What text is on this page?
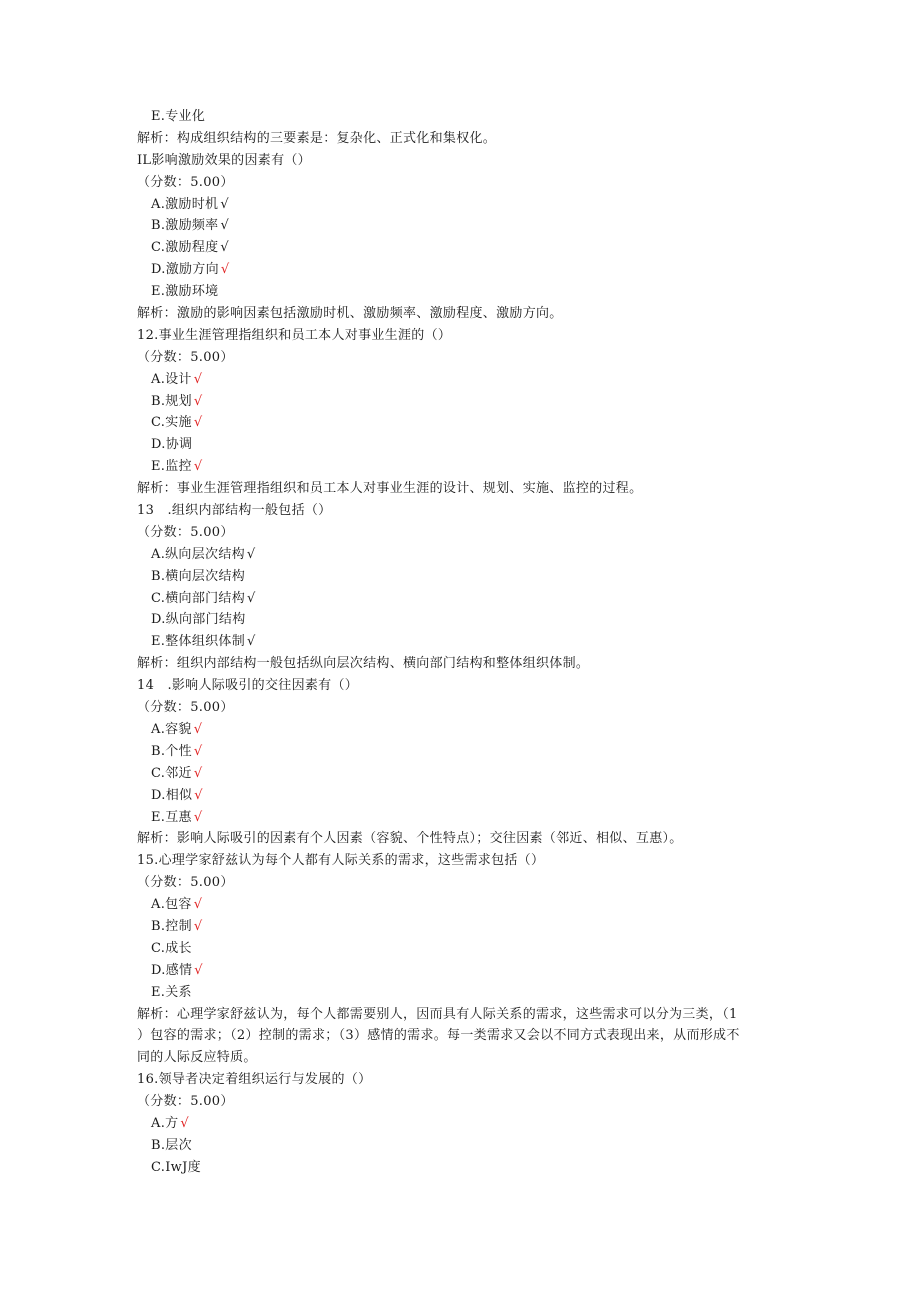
E.专业化
解析：构成组织结构的三要素是：复杂化、正式化和集权化。
IL影响激励效果的因素有（）
（分数：5.00）
A.激励时机 √
B.激励频率 √
C.激励程度 √
D.激励方向 √
E.激励环境
解析：激励的影响因素包括激励时机、激励频率、激励程度、激励方向。
12.事业生涯管理指组织和员工本人对事业生涯的（）
（分数：5.00）
A.设计 √
B.规划 √
C.实施 √
D.协调
E.监控 √
解析：事业生涯管理指组织和员工本人对事业生涯的设计、规划、实施、监控的过程。
13　.组织内部结构一般包括（）
（分数：5.00）
A.纵向层次结构 √
B.横向层次结构
C.横向部门结构 √
D.纵向部门结构
E.整体组织体制 √
解析：组织内部结构一般包括纵向层次结构、横向部门结构和整体组织体制。
14　.影响人际吸引的交往因素有（）
（分数：5.00）
A.容貌 √
B.个性 √
C.邻近 √
D.相似 √
E.互惠 √
解析：影响人际吸引的因素有个人因素（容貌、个性特点）；交往因素（邻近、相似、互惠）。
15.心理学家舒兹认为每个人都有人际关系的需求，这些需求包括（）
（分数：5.00）
A.包容 √
B.控制 √
C.成长
D.感情 √
E.关系
解析：心理学家舒兹认为，每个人都需要别人，因而具有人际关系的需求，这些需求可以分为三类，（1
）包容的需求；（2）控制的需求；（3）感情的需求。每一类需求又会以不同方式表现出来，从而形成不
同的人际反应特质。
16.领导者决定着组织运行与发展的（）
（分数：5.00）
A.方 √
B.层次
C.IwJ度
